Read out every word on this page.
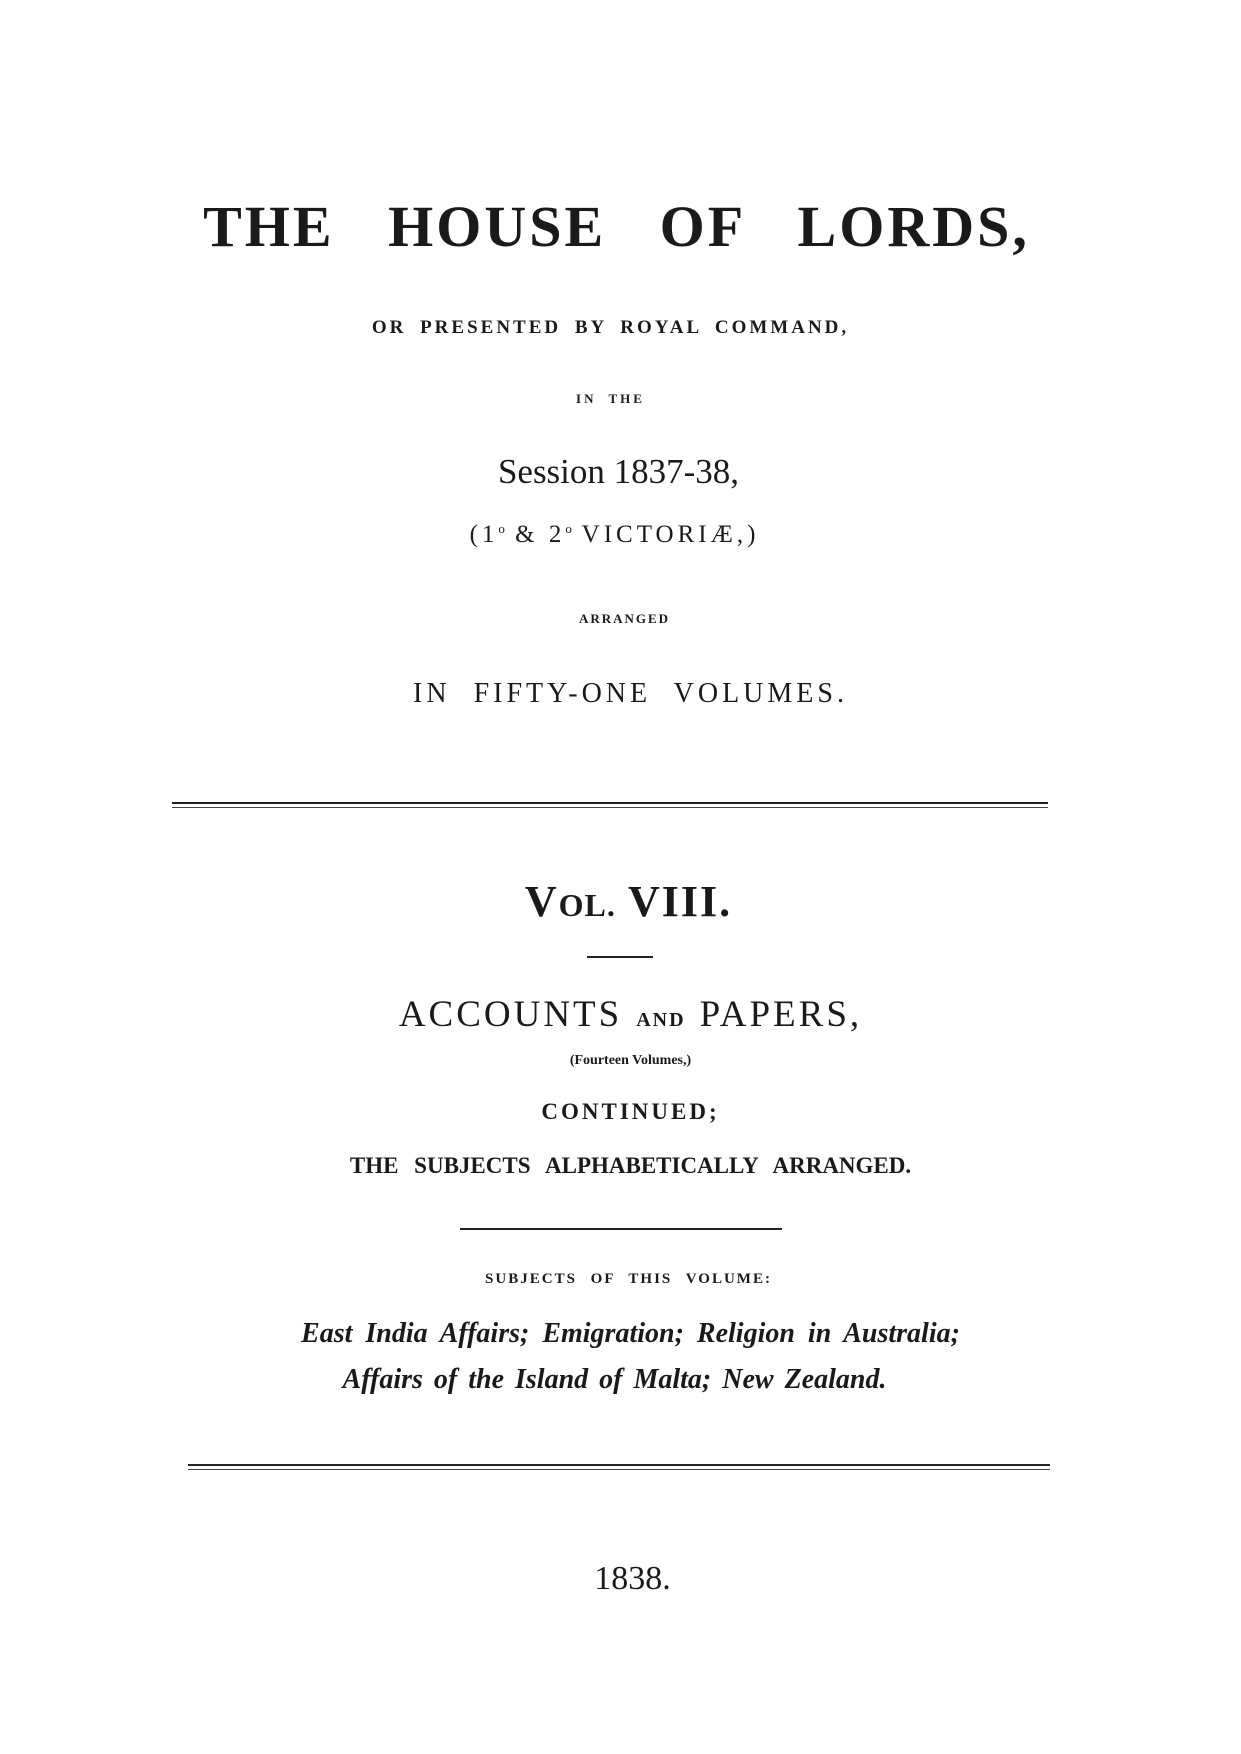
THE HOUSE OF LORDS,
OR PRESENTED BY ROYAL COMMAND,
IN THE
Session 1837-38,
(1$^o$ & 2$^o$ VICTORIÆ,)
ARRANGED
IN FIFTY-ONE VOLUMES.
VOL. VIII.
ACCOUNTS AND PAPERS,
(Fourteen Volumes,)
CONTINUED;
THE SUBJECTS ALPHABETICALLY ARRANGED.
SUBJECTS OF THIS VOLUME:
East India Affairs; Emigration; Religion in Australia;
Affairs of the Island of Malta; New Zealand.
1838.
